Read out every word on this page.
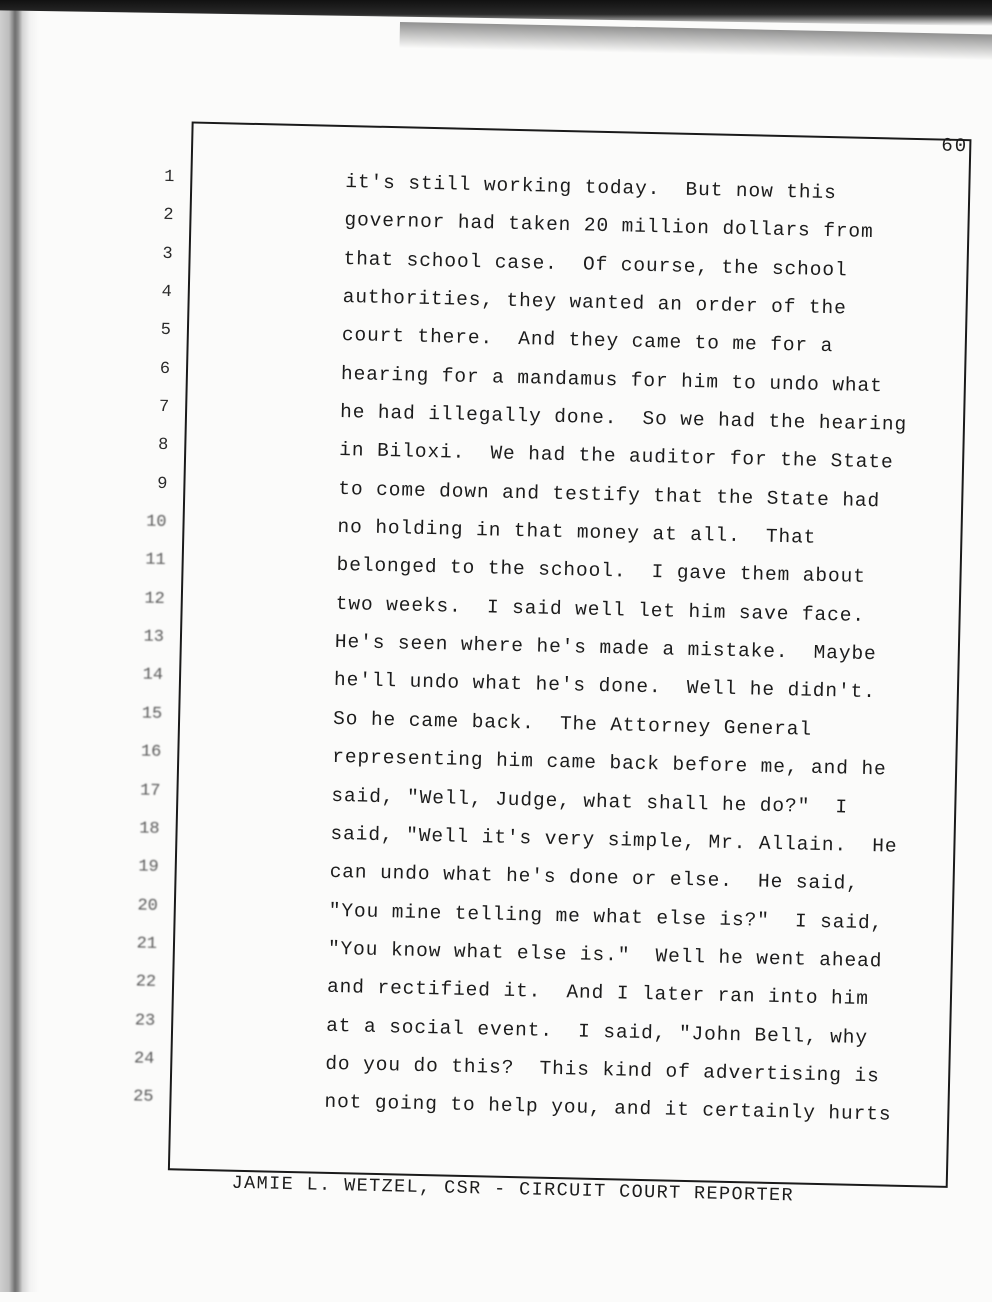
60
1
2
3
4
5
6
7
8
9
10
11
12
13
14
15
16
17
18
19
20
21
22
23
24
25
it's still working today.  But now this
governor had taken 20 million dollars from
that school case.  Of course, the school
authorities, they wanted an order of the
court there.  And they came to me for a
hearing for a mandamus for him to undo what
he had illegally done.  So we had the hearing
in Biloxi.  We had the auditor for the State
to come down and testify that the State had
no holding in that money at all.  That
belonged to the school.  I gave them about
two weeks.  I said well let him save face.
He's seen where he's made a mistake.  Maybe
he'll undo what he's done.  Well he didn't.
So he came back.  The Attorney General
representing him came back before me, and he
said, "Well, Judge, what shall he do?"  I
said, "Well it's very simple, Mr. Allain.  He
can undo what he's done or else.  He said,
"You mine telling me what else is?"  I said,
"You know what else is."  Well he went ahead
and rectified it.  And I later ran into him
at a social event.  I said, "John Bell, why
do you do this?  This kind of advertising is
not going to help you, and it certainly hurts
JAMIE L. WETZEL, CSR - CIRCUIT COURT REPORTER
